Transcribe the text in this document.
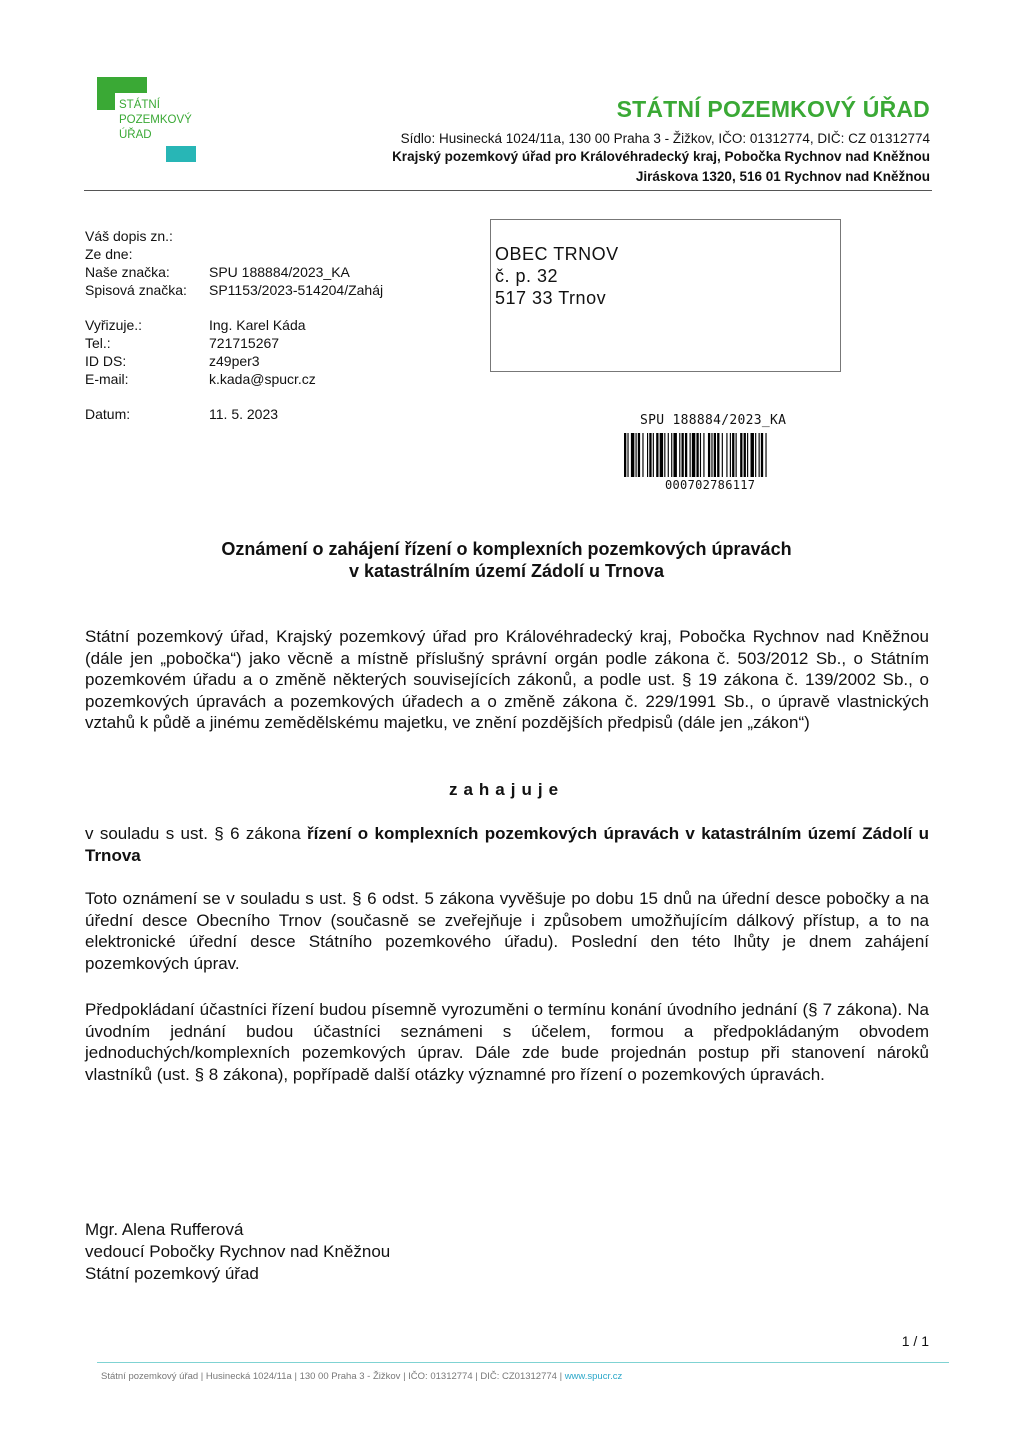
STÁTNÍ
POZEMKOVÝ
ÚŘAD
STÁTNÍ POZEMKOVÝ ÚŘAD
Sídlo: Husinecká 1024/11a, 130 00 Praha 3 - Žižkov, IČO: 01312774, DIČ: CZ 01312774
Krajský pozemkový úřad pro Královéhradecký kraj, Pobočka Rychnov nad Kněžnou
Jiráskova 1320, 516 01 Rychnov nad Kněžnou
Váš dopis zn.:
Ze dne:
Naše značka:	SPU 188884/2023_KA
Spisová značka:	SP1153/2023-514204/Zaháj
Vyřizuje.:	Ing. Karel Káda
Tel.:	721715267
ID DS:	z49per3
E-mail:	k.kada@spucr.cz
Datum:	11. 5. 2023
OBEC TRNOV
č. p. 32
517 33 Trnov
SPU 188884/2023_KA
000702786117
Oznámení o zahájení řízení o komplexních pozemkových úpravách
v katastrálním území Zádolí u Trnova
Státní pozemkový úřad, Krajský pozemkový úřad pro Královéhradecký kraj, Pobočka Rychnov nad Kněžnou (dále jen „pobočka“) jako věcně a místně příslušný správní orgán podle zákona č. 503/2012 Sb., o Státním pozemkovém úřadu a o změně některých souvisejících zákonů, a podle ust. § 19 zákona č. 139/2002 Sb., o pozemkových úpravách a pozemkových úřadech a o změně zákona č. 229/1991 Sb., o úpravě vlastnických vztahů k půdě a jinému zemědělskému majetku, ve znění pozdějších předpisů (dále jen „zákon“)
zahajuje
v souladu s ust. § 6 zákona řízení o komplexních pozemkových úpravách v katastrálním území Zádolí u Trnova
Toto oznámení se v souladu s ust. § 6 odst. 5 zákona vyvěšuje po dobu 15 dnů na úřední desce pobočky a na úřední desce Obecního Trnov (současně se zveřejňuje i způsobem umožňujícím dálkový přístup, a to na elektronické úřední desce Státního pozemkového úřadu). Poslední den této lhůty je dnem zahájení pozemkových úprav.
Předpokládaní účastníci řízení budou písemně vyrozuměni o termínu konání úvodního jednání (§ 7 zákona). Na úvodním jednání budou účastníci seznámeni s účelem, formou a předpokládaným obvodem jednoduchých/komplexních pozemkových úprav. Dále zde bude projednán postup při stanovení nároků vlastníků (ust. § 8 zákona), popřípadě další otázky významné pro řízení o pozemkových úpravách.
Mgr. Alena Rufferová
vedoucí Pobočky Rychnov nad Kněžnou
Státní pozemkový úřad
1 / 1
Státní pozemkový úřad | Husinecká 1024/11a | 130 00 Praha 3 - Žižkov | IČO: 01312774 | DIČ: CZ01312774 | www.spucr.cz
